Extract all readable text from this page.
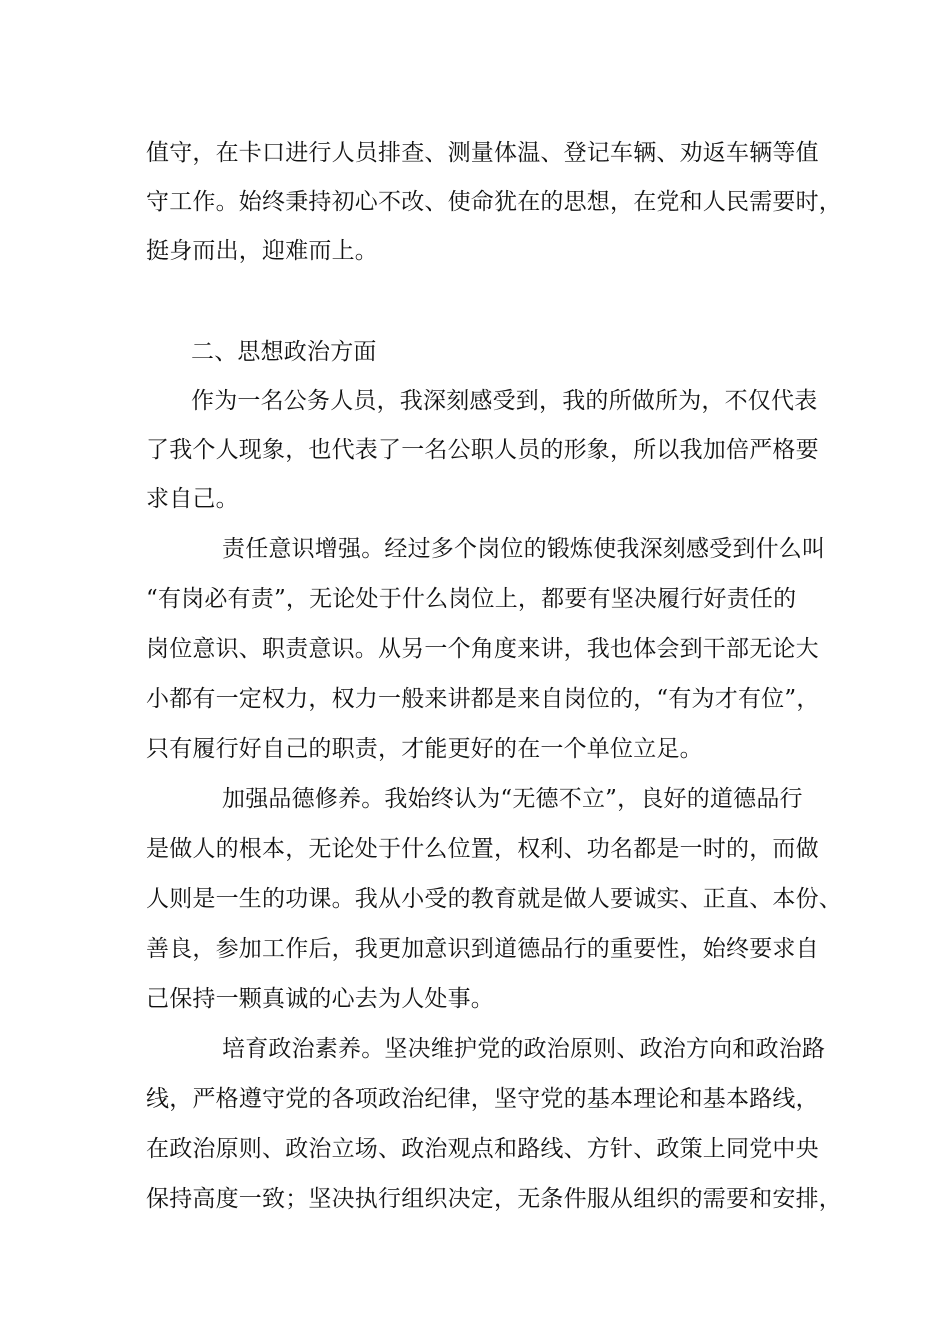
值守，在卡口进行人员排查、测量体温、登记车辆、劝返车辆等值
守工作。始终秉持初心不改、使命犹在的思想，在党和人民需要时，
挺身而出，迎难而上。
二、思想政治方面
作为一名公务人员，我深刻感受到，我的所做所为，不仅代表
了我个人现象，也代表了一名公职人员的形象，所以我加倍严格要
求自己。
责任意识增强。经过多个岗位的锻炼使我深刻感受到什么叫
“有岗必有责”，无论处于什么岗位上，都要有坚决履行好责任的
岗位意识、职责意识。从另一个角度来讲，我也体会到干部无论大
小都有一定权力，权力一般来讲都是来自岗位的，“有为才有位”，
只有履行好自己的职责，才能更好的在一个单位立足。
加强品德修养。我始终认为“无德不立”，良好的道德品行
是做人的根本，无论处于什么位置，权利、功名都是一时的，而做
人则是一生的功课。我从小受的教育就是做人要诚实、正直、本份、
善良，参加工作后，我更加意识到道德品行的重要性，始终要求自
己保持一颗真诚的心去为人处事。
培育政治素养。坚决维护党的政治原则、政治方向和政治路
线，严格遵守党的各项政治纪律，坚守党的基本理论和基本路线，
在政治原则、政治立场、政治观点和路线、方针、政策上同党中央
保持高度一致；坚决执行组织决定，无条件服从组织的需要和安排，
